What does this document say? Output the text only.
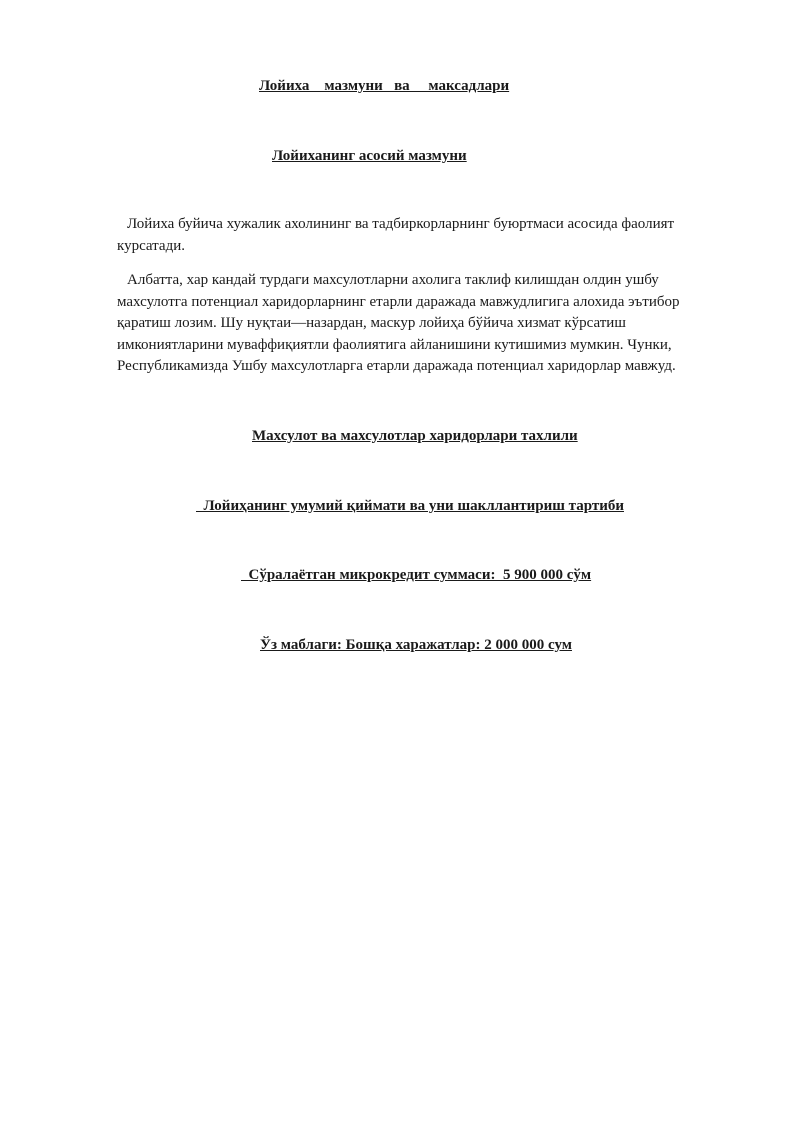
Лойиха    мазмуни   ва     максадлари

Лойиханинг асосий мазмуни

Лойиха буйича хужалик ахолининг ва тадбиркорларнинг буюртмаси асосида фаолият курсатади.

Албатта, хар кандай турдаги махсулотларни ахолига таклиф килишдан олдин ушбу махсулотга потенциал харидорларнинг етарли даражада мавжудлигига алохида эътибор қаратиш лозим. Шу нуқтаи—назардан, маскур лойиҳа бўйича хизмат кўрсатиш имкониятларини муваффиқиятли фаолиятига айланишини кутишимиз мумкин. Чунки, Республикамизда Ушбу махсулотларга етарли даражада потенциал харидорлар мавжуд.

Махсулот ва махсулотлар харидорлари тахлили

Лойиҳанинг умумий қиймати ва уни шакллантириш тартиби

Сўралаётган микрокредит суммаси:  5 900 000 сўм

Ўз маблаги: Бошқа харажатлар: 2 000 000 сум
